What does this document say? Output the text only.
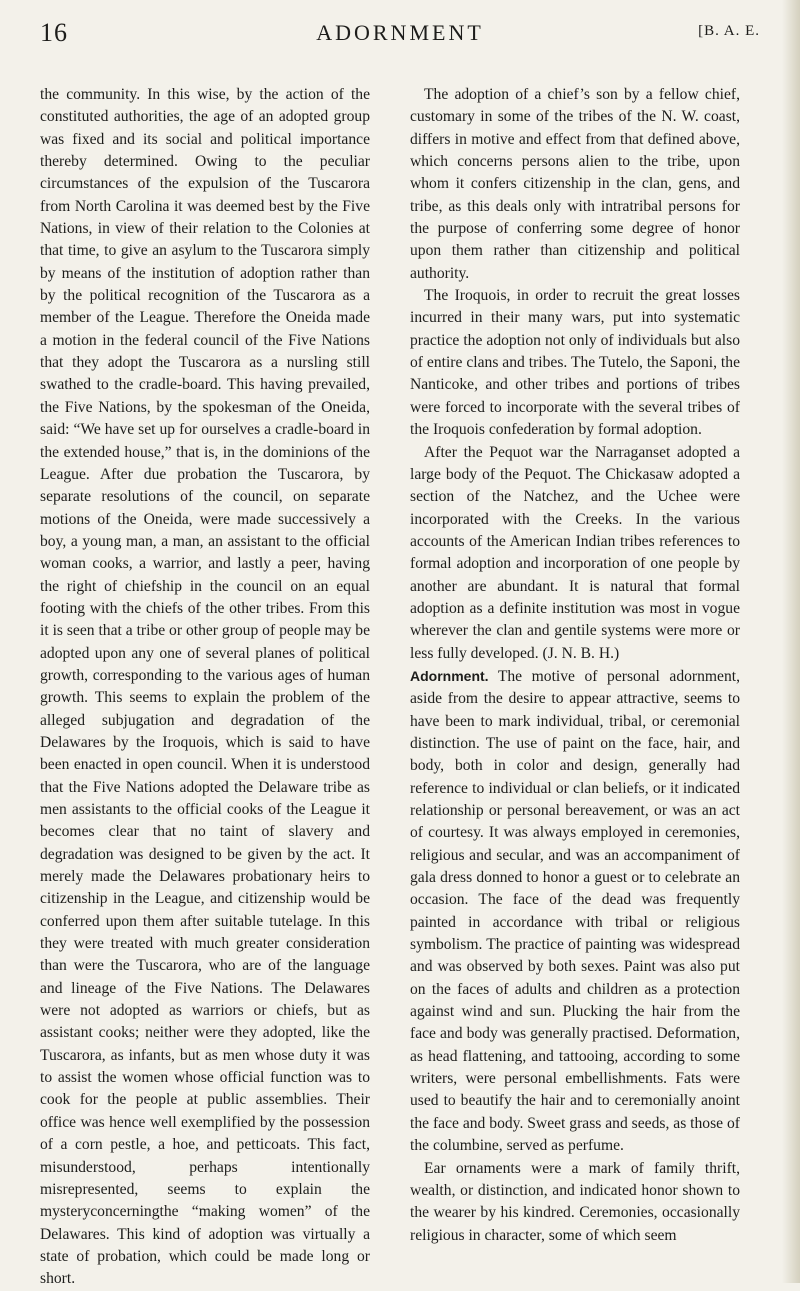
16	ADORNMENT	[B. A. E.

the community. In this wise, by the action of the constituted authorities, the age of an adopted group was fixed and its social and political importance thereby determined. Owing to the peculiar circumstances of the expulsion of the Tuscarora from North Carolina it was deemed best by the Five Nations, in view of their relation to the Colonies at that time, to give an asylum to the Tuscarora simply by means of the institution of adoption rather than by the political recognition of the Tuscarora as a member of the League. Therefore the Oneida made a motion in the federal council of the Five Nations that they adopt the Tuscarora as a nursling still swathed to the cradle-board. This having prevailed, the Five Nations, by the spokesman of the Oneida, said: “We have set up for ourselves a cradle-board in the extended house,” that is, in the dominions of the League. After due probation the Tuscarora, by separate resolutions of the council, on separate motions of the Oneida, were made successively a boy, a young man, a man, an assistant to the official woman cooks, a warrior, and lastly a peer, having the right of chiefship in the council on an equal footing with the chiefs of the other tribes. From this it is seen that a tribe or other group of people may be adopted upon any one of several planes of political growth, corresponding to the various ages of human growth. This seems to explain the problem of the alleged subjugation and degradation of the Delawares by the Iroquois, which is said to have been enacted in open council. When it is understood that the Five Nations adopted the Delaware tribe as men assistants to the official cooks of the League it becomes clear that no taint of slavery and degradation was designed to be given by the act. It merely made the Delawares probationary heirs to citizenship in the League, and citizenship would be conferred upon them after suitable tutelage. In this they were treated with much greater consideration than were the Tuscarora, who are of the language and lineage of the Five Nations. The Delawares were not adopted as warriors or chiefs, but as assistant cooks; neither were they adopted, like the Tuscarora, as infants, but as men whose duty it was to assist the women whose official function was to cook for the people at public assemblies. Their office was hence well exemplified by the possession of a corn pestle, a hoe, and petticoats. This fact, misunderstood, perhaps intentionally misrepresented, seems to explain the mysteryconcerningthe “making women” of the Delawares. This kind of adoption was virtually a state of probation, which could be made long or short.

The adoption of a chief’s son by a fellow chief, customary in some of the tribes of the N. W. coast, differs in motive and effect from that defined above, which concerns persons alien to the tribe, upon whom it confers citizenship in the clan, gens, and tribe, as this deals only with intratribal persons for the purpose of conferring some degree of honor upon them rather than citizenship and political authority.

The Iroquois, in order to recruit the great losses incurred in their many wars, put into systematic practice the adoption not only of individuals but also of entire clans and tribes. The Tutelo, the Saponi, the Nanticoke, and other tribes and portions of tribes were forced to incorporate with the several tribes of the Iroquois confederation by formal adoption.

After the Pequot war the Narraganset adopted a large body of the Pequot. The Chickasaw adopted a section of the Natchez, and the Uchee were incorporated with the Creeks. In the various accounts of the American Indian tribes references to formal adoption and incorporation of one people by another are abundant. It is natural that formal adoption as a definite institution was most in vogue wherever the clan and gentile systems were more or less fully developed. (J. N. B. H.)

Adornment. The motive of personal adornment, aside from the desire to appear attractive, seems to have been to mark individual, tribal, or ceremonial distinction. The use of paint on the face, hair, and body, both in color and design, generally had reference to individual or clan beliefs, or it indicated relationship or personal bereavement, or was an act of courtesy. It was always employed in ceremonies, religious and secular, and was an accompaniment of gala dress donned to honor a guest or to celebrate an occasion. The face of the dead was frequently painted in accordance with tribal or religious symbolism. The practice of painting was widespread and was observed by both sexes. Paint was also put on the faces of adults and children as a protection against wind and sun. Plucking the hair from the face and body was generally practised. Deformation, as head flattening, and tattooing, according to some writers, were personal embellishments. Fats were used to beautify the hair and to ceremonially anoint the face and body. Sweet grass and seeds, as those of the columbine, served as perfume.

Ear ornaments were a mark of family thrift, wealth, or distinction, and indicated honor shown to the wearer by his kindred. Ceremonies, occasionally religious in character, some of which seem
